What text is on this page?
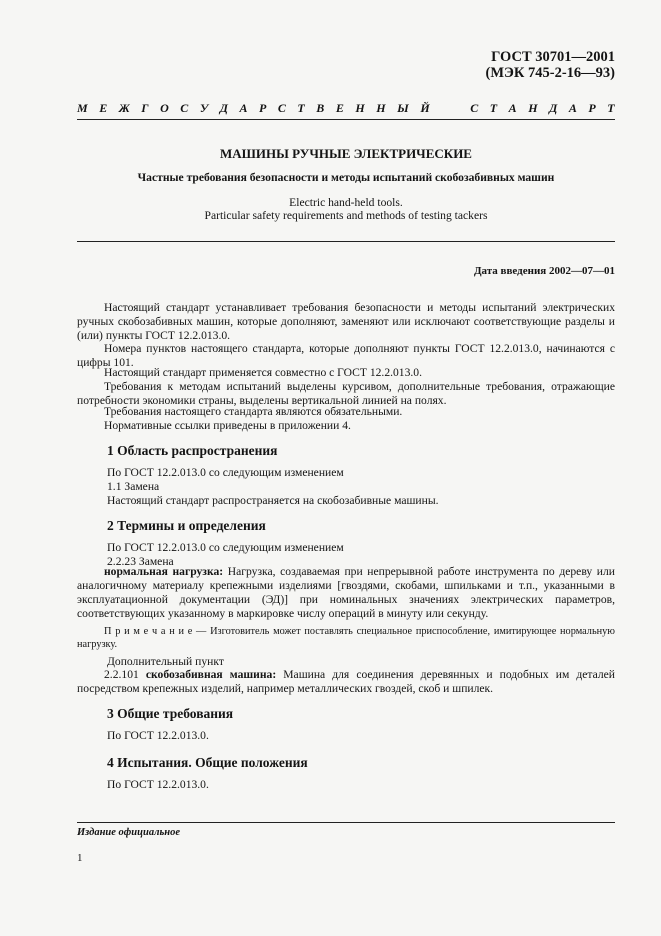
ГОСТ 30701—2001
(МЭК 745-2-16—93)
М Е Ж Г О С У Д А Р С Т В Е Н Н Ы Й

	С Т А Н Д А Р Т
МАШИНЫ РУЧНЫЕ ЭЛЕКТРИЧЕСКИЕ
Частные требования безопасности и методы испытаний скобозабивных машин
Electric hand-held tools.
Particular safety requirements and methods of testing tackers
Дата введения 2002—07—01
Настоящий стандарт устанавливает требования безопасности и методы испытаний электрических ручных скобозабивных машин, которые дополняют, заменяют или исключают соответствующие разделы и (или) пункты ГОСТ 12.2.013.0.
Номера пунктов настоящего стандарта, которые дополняют пункты ГОСТ 12.2.013.0, начинаются с цифры 101.
Настоящий стандарт применяется совместно с ГОСТ 12.2.013.0.
Требования к методам испытаний выделены курсивом, дополнительные требования, отражающие потребности экономики страны, выделены вертикальной линией на полях.
Требования настоящего стандарта являются обязательными.
Нормативные ссылки приведены в приложении 4.
1 Область распространения
По ГОСТ 12.2.013.0 со следующим изменением
1.1 Замена
Настоящий стандарт распространяется на скобозабивные машины.
2 Термины и определения
По ГОСТ 12.2.013.0 со следующим изменением
2.2.23 Замена
нормальная нагрузка: Нагрузка, создаваемая при непрерывной работе инструмента по дереву или аналогичному материалу крепежными изделиями [гвоздями, скобами, шпильками и т.п., указанными в эксплуатационной документации (ЭД)] при номинальных значениях электрических параметров, соответствующих указанному в маркировке числу операций в минуту или секунду.
П р и м е ч а н и е — Изготовитель может поставлять специальное приспособление, имитирующее нормальную нагрузку.
Дополнительный пункт
2.2.101 скобозабивная машина: Машина для соединения деревянных и подобных им деталей посредством крепежных изделий, например металлических гвоздей, скоб и шпилек.
3 Общие требования
По ГОСТ 12.2.013.0.
4 Испытания. Общие положения
По ГОСТ 12.2.013.0.
Издание официальное
1
